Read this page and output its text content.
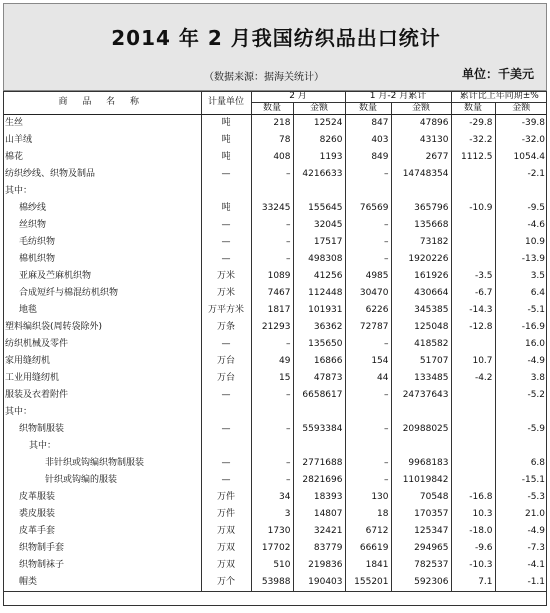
2014 年 2 月我国纺织品出口统计
（数据来源：据海关统计）	单位：千美元
商 品 名 称	计量单位	2 月		1 月-2 月累计		累计比上年同期±%	
		数量	金额	数量	金额	数量	金额
生丝	吨	218	12524	847	47896	-29.8	-39.8
山羊绒	吨	78	8260	403	43130	-32.2	-32.0
棉花	吨	408	1193	849	2677	1112.5	1054.4
纺织纱线、织物及制品	—	–	4216633	–	14748354		-2.1
其中：							
棉纱线	吨	33245	155645	76569	365796	-10.9	-9.5
丝织物	—	–	32045	–	135668		-4.6
毛纺织物	—	–	17517	–	73182		10.9
棉机织物	—	–	498308	–	1920226		-13.9
亚麻及苎麻机织物	万米	1089	41256	4985	161926	-3.5	3.5
合成短纤与棉混纺机织物	万米	7467	112448	30470	430664	-6.7	6.4
地毯	万平方米	1817	101931	6226	345385	-14.3	-5.1
塑料编织袋(周转袋除外)	万条	21293	36362	72787	125048	-12.8	-16.9
纺织机械及零件	—	–	135650	–	418582		16.0
家用缝纫机	万台	49	16866	154	51707	10.7	-4.9
工业用缝纫机	万台	15	47873	44	133485	-4.2	3.8
服装及衣着附件	—	–	6658617	–	24737643		-5.2
其中：							
织物制服装	—	–	5593384	–	20988025		-5.9
其中：							
非针织或钩编织物制服装	—	–	2771688	–	9968183		6.8
针织或钩编的服装	—	–	2821696	–	11019842		-15.1
皮革服装	万件	34	18393	130	70548	-16.8	-5.3
裘皮服装	万件	3	14807	18	170357	10.3	21.0
皮革手套	万双	1730	32421	6712	125347	-18.0	-4.9
织物制手套	万双	17702	83779	66619	294965	-9.6	-7.3
织物制袜子	万双	510	219836	1841	782537	-10.3	-4.1
帽类	万个	53988	190403	155201	592306	7.1	-1.1
